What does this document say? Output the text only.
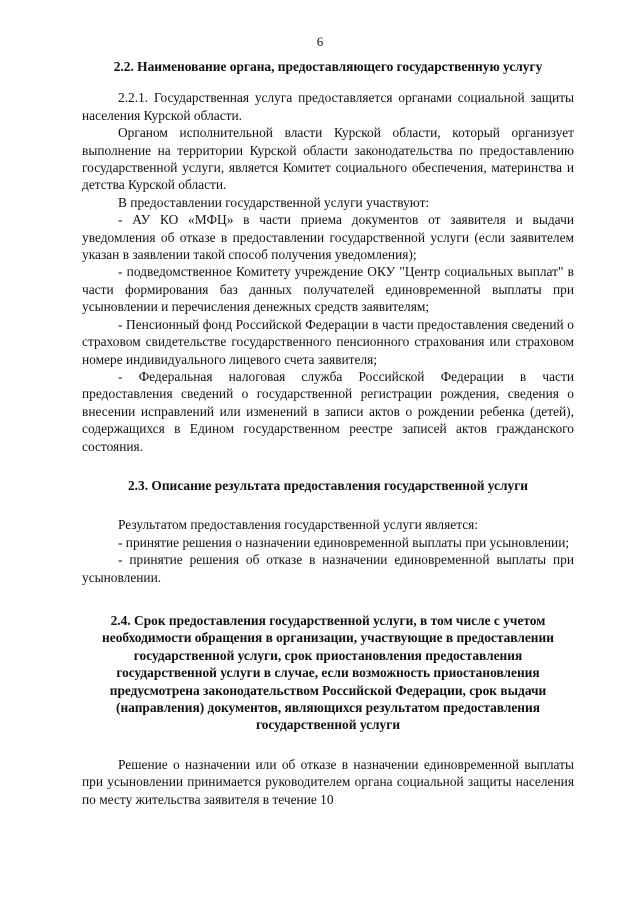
6
2.2. Наименование органа, предоставляющего государственную услугу
2.2.1. Государственная услуга предоставляется органами социальной защиты населения Курской области.
Органом исполнительной власти Курской области, который организует выполнение на территории Курской области законодательства по предоставлению государственной услуги, является Комитет социального обеспечения, материнства и детства Курской области.
В предоставлении государственной услуги участвуют:
- АУ КО «МФЦ» в части приема документов от заявителя и выдачи уведомления об отказе в предоставлении государственной услуги (если заявителем указан в заявлении такой способ получения уведомления);
- подведомственное Комитету учреждение ОКУ "Центр социальных выплат" в части формирования баз данных получателей единовременной выплаты при усыновлении и перечисления денежных средств заявителям;
- Пенсионный фонд Российской Федерации в части предоставления сведений о страховом свидетельстве государственного пенсионного страхования или страховом номере индивидуального лицевого счета заявителя;
- Федеральная налоговая служба Российской Федерации в части предоставления сведений о государственной регистрации рождения, сведения о внесении исправлений или изменений в записи актов о рождении ребенка (детей), содержащихся в Едином государственном реестре записей актов гражданского состояния.
2.3. Описание результата предоставления государственной услуги
Результатом предоставления государственной услуги является:
- принятие решения о назначении единовременной выплаты при усыновлении;
- принятие решения об отказе в назначении единовременной выплаты при усыновлении.
2.4. Срок предоставления государственной услуги, в том числе с учетом необходимости обращения в организации, участвующие в предоставлении государственной услуги, срок приостановления предоставления государственной услуги в случае, если возможность приостановления предусмотрена законодательством Российской Федерации, срок выдачи (направления) документов, являющихся результатом предоставления государственной услуги
Решение о назначении или об отказе в назначении единовременной выплаты при усыновлении принимается руководителем органа социальной защиты населения по месту жительства заявителя в течение 10
